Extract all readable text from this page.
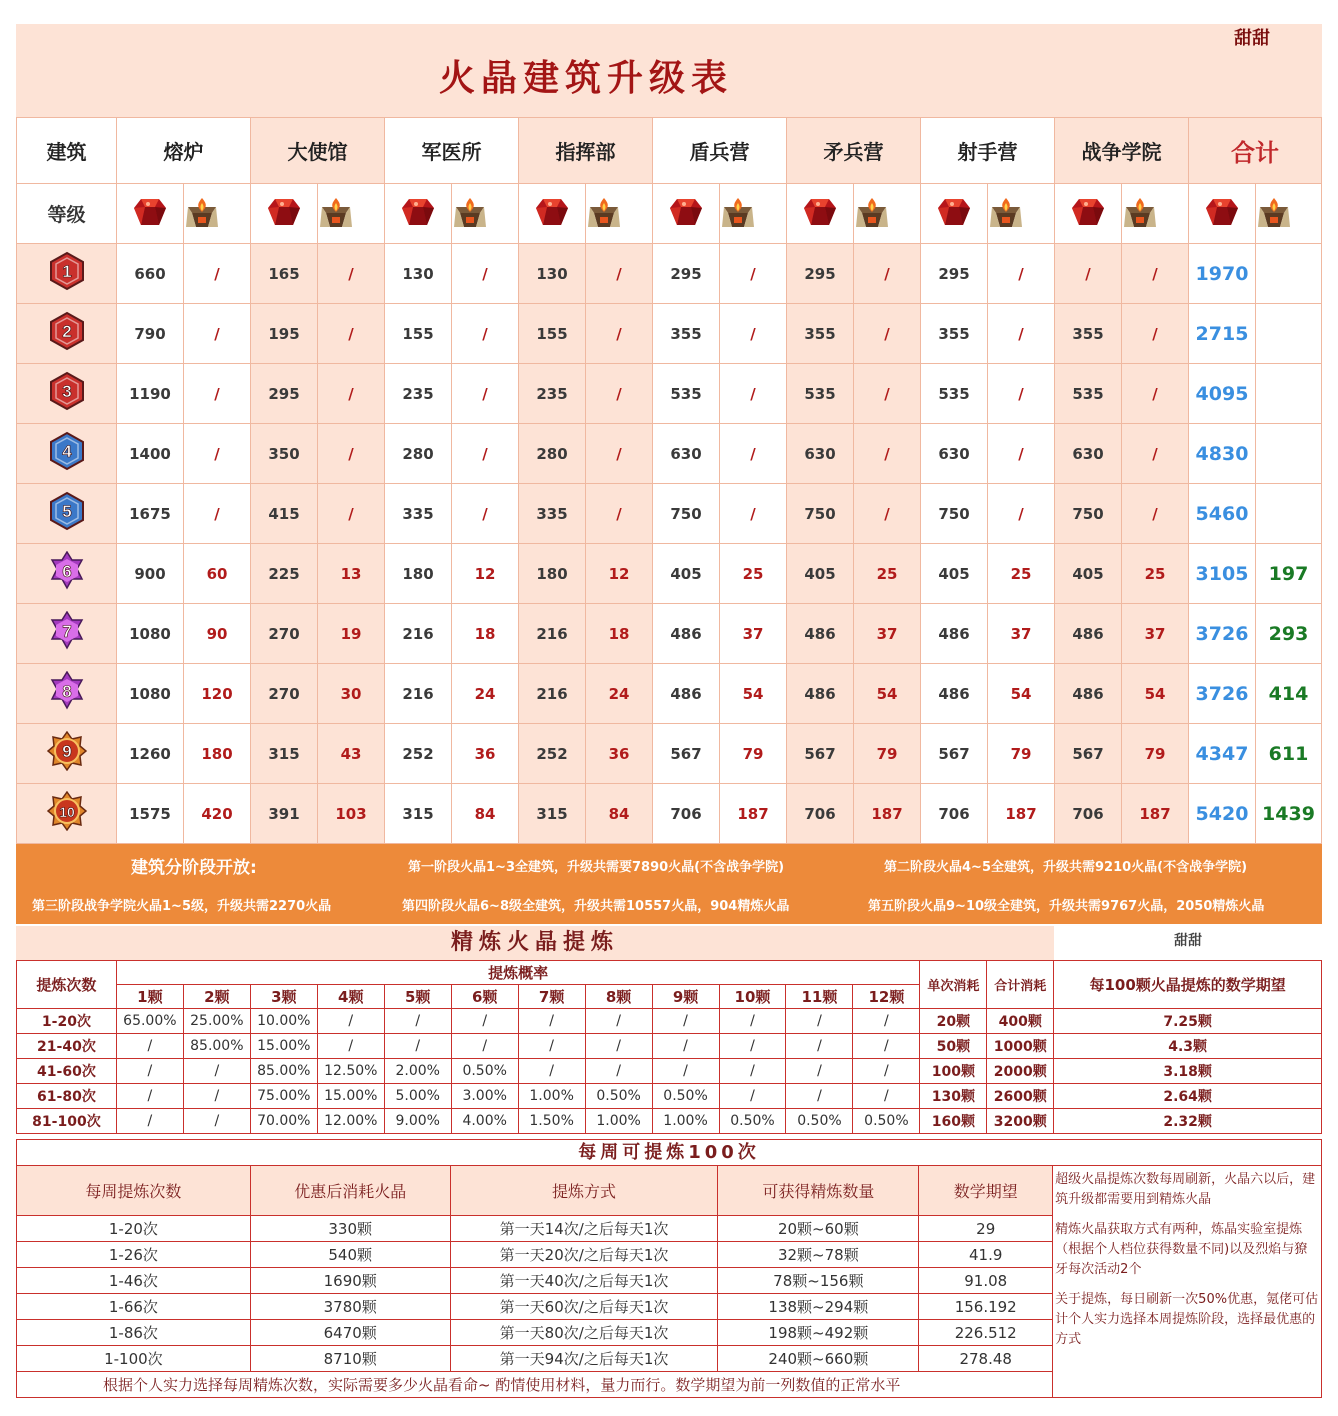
火晶建筑升级表
甜甜
建筑	熔炉		大使馆		军医所		指挥部		盾兵营		矛兵营		射手营		战争学院		合计	
等级	

1	660	/	165	/	130	/	130	/	295	/	295	/	295	/	/	/	1970	

2	790	/	195	/	155	/	155	/	355	/	355	/	355	/	355	/	2715	

3	1190	/	295	/	235	/	235	/	535	/	535	/	535	/	535	/	4095	

4	1400	/	350	/	280	/	280	/	630	/	630	/	630	/	630	/	4830	

5	1675	/	415	/	335	/	335	/	750	/	750	/	750	/	750	/	5460	

6	900	60	225	13	180	12	180	12	405	25	405	25	405	25	405	25	3105	197

7	1080	90	270	19	216	18	216	18	486	37	486	37	486	37	486	37	3726	293

8	1080	120	270	30	216	24	216	24	486	54	486	54	486	54	486	54	3726	414

9	1260	180	315	43	252	36	252	36	567	79	567	79	567	79	567	79	4347	611

10	1575	420	391	103	315	84	315	84	706	187	706	187	706	187	706	187	5420	1439
建筑分阶段开放:	第一阶段火晶1~3全建筑，升级共需要7890火晶(不含战争学院)	第二阶段火晶4~5全建筑，升级共需9210火晶(不含战争学院)
第三阶段战争学院火晶1~5级，升级共需2270火晶	第四阶段火晶6~8级全建筑，升级共需10557火晶，904精炼火晶	第五阶段火晶9~10级全建筑，升级共需9767火晶，2050精炼火晶
精炼火晶提炼	甜甜
提炼次数	提炼概率												单次消耗	合计消耗	每100颗火晶提炼的数学期望
	1颗	2颗	3颗	4颗	5颗	6颗	7颗	8颗	9颗	10颗	11颗	12颗			
1-20次	65.00%	25.00%	10.00%	/	/	/	/	/	/	/	/	/	20颗	400颗	7.25颗
21-40次	/	85.00%	15.00%	/	/	/	/	/	/	/	/	/	50颗	1000颗	4.3颗
41-60次	/	/	85.00%	12.50%	2.00%	0.50%	/	/	/	/	/	/	100颗	2000颗	3.18颗
61-80次	/	/	75.00%	15.00%	5.00%	3.00%	1.00%	0.50%	0.50%	/	/	/	130颗	2600颗	2.64颗
81-100次	/	/	70.00%	12.00%	9.00%	4.00%	1.50%	1.00%	1.00%	0.50%	0.50%	0.50%	160颗	3200颗	2.32颗
每周可提炼100次
每周提炼次数	优惠后消耗火晶	提炼方式	可获得精炼数量	数学期望	超级火晶提炼次数每周刷新，火晶六以后，建筑升级都需要用到精炼火晶

精炼火晶获取方式有两种，炼晶实验室提炼（根据个人档位获得数量不同)以及烈焰与獠牙每次活动2个

关于提炼，每日刷新一次50%优惠，氪佬可估计个人实力选择本周提炼阶段，选择最优惠的方式

1-20次	330颗	第一天14次/之后每天1次	20颗~60颗	29	
1-26次	540颗	第一天20次/之后每天1次	32颗~78颗	41.9	
1-46次	1690颗	第一天40次/之后每天1次	78颗~156颗	91.08	
1-66次	3780颗	第一天60次/之后每天1次	138颗~294颗	156.192	
1-86次	6470颗	第一天80次/之后每天1次	198颗~492颗	226.512	
1-100次	8710颗	第一天94次/之后每天1次	240颗~660颗	278.48	
根据个人实力选择每周精炼次数，实际需要多少火晶看命~ 酌情使用材料，量力而行。数学期望为前一列数值的正常水平					
